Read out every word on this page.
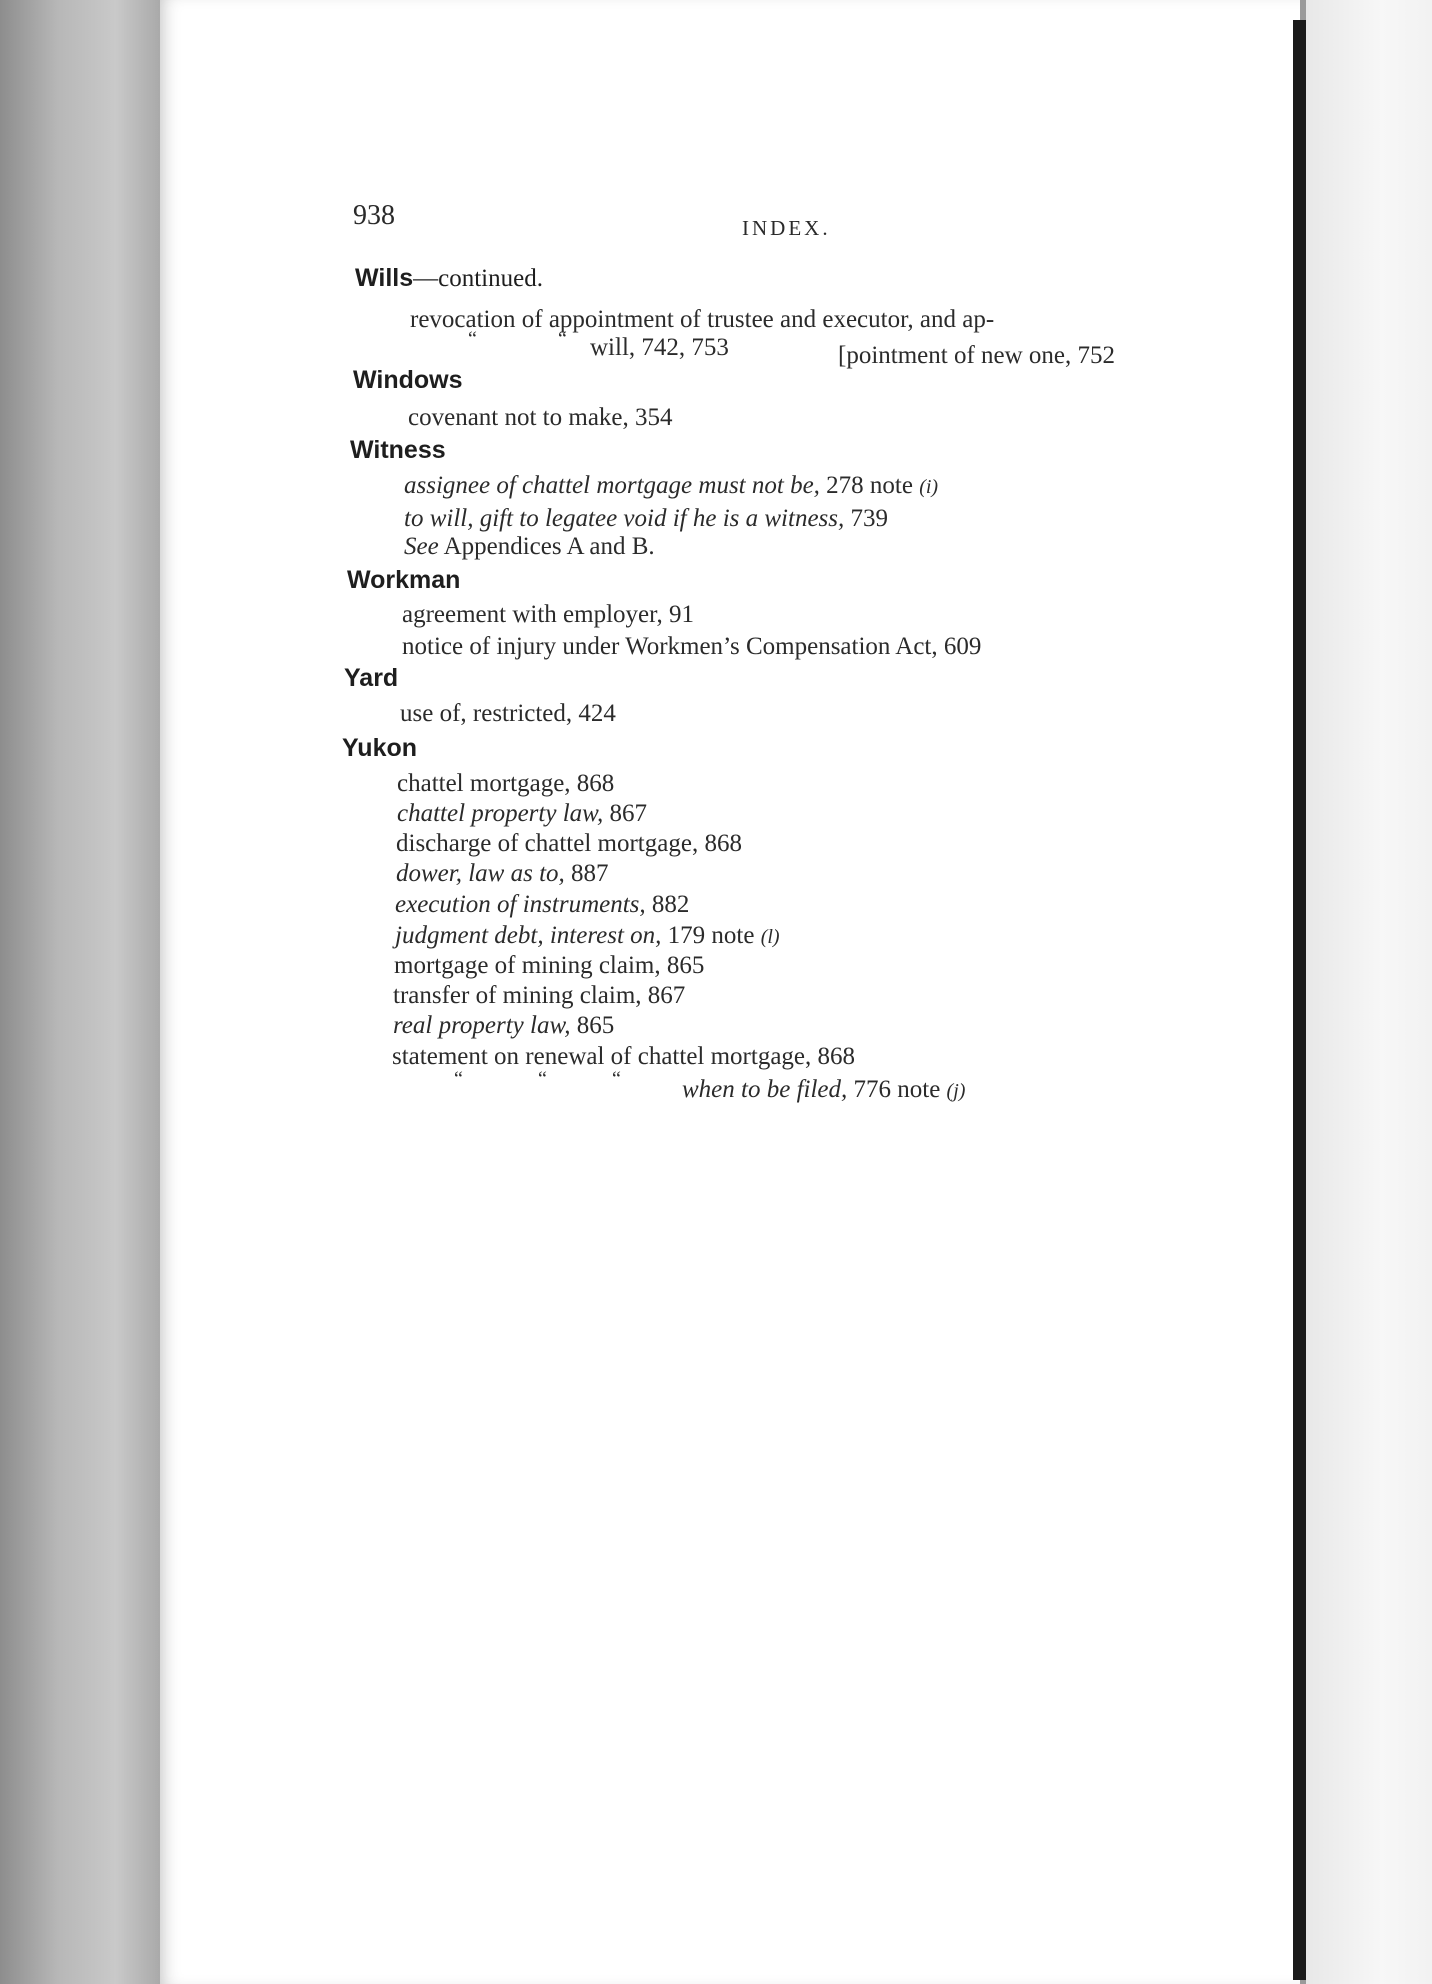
938	INDEX.
Wills—continued.
revocation of appointment of trustee and executor, and ap-
“	“ will, 742, 753	[pointment of new one, 752
Windows
covenant not to make, 354
Witness
assignee of chattel mortgage must not be, 278 note (i)
to will, gift to legatee void if he is a witness, 739
See Appendices A and B.
Workman
agreement with employer, 91
notice of injury under Workmen’s Compensation Act, 609
Yard
use of, restricted, 424
Yukon
chattel mortgage, 868
chattel property law, 867
discharge of chattel mortgage, 868
dower, law as to, 887
execution of instruments, 882
judgment debt, interest on, 179 note (l)
mortgage of mining claim, 865
transfer of mining claim, 867
real property law, 865
statement on renewal of chattel mortgage, 868
“	“	“ when to be filed, 776 note (j)
